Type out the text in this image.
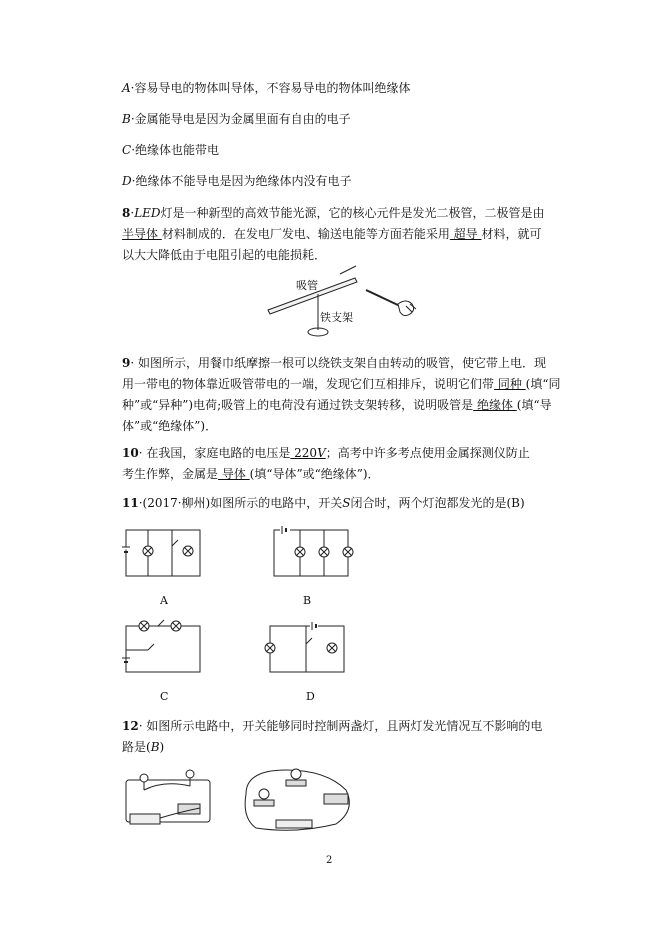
A·容易导电的物体叫导体，不容易导电的物体叫绝缘体
B·金属能导电是因为金属里面有自由的电子
C·绝缘体也能带电
D·绝缘体不能导电是因为绝缘体内没有电子
8·LED灯是一种新型的高效节能光源，它的核心元件是发光二极管，二极管是由
半导体 材料制成的．在发电厂发电、输送电能等方面若能采用 超导 材料，就可
以大大降低由于电阻引起的电能损耗．
吸管
铁支架
9· 如图所示，用餐巾纸摩擦一根可以绕铁支架自由转动的吸管，使它带上电．现
用一带电的物体靠近吸管带电的一端，发现它们互相排斥，说明它们带 同种 (填“同
种”或“异种”)电荷;吸管上的电荷没有通过铁支架转移，说明吸管是 绝缘体 (填“导
体”或“绝缘体”)．
10· 在我国，家庭电路的电压是 220V；高考中许多考点使用金属探测仪防止
考生作弊，金属是 导体 (填“导体”或“绝缘体”)．
11·(2017·柳州)如图所示的电路中，开关S闭合时，两个灯泡都发光的是(B)
A	B
C	D
12· 如图所示电路中，开关能够同时控制两盏灯，且两灯发光情况互不影响的电
路是(B)
2
